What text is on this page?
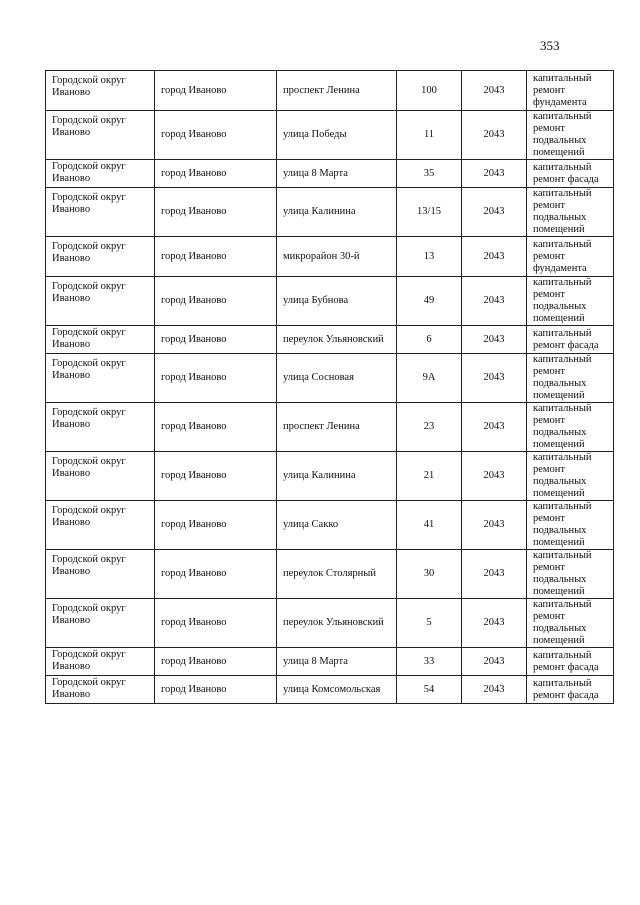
353
Городской округ Иваново	город Иваново	проспект Ленина	100	2043	капитальный ремонт фундамента
Городской округ Иваново	город Иваново	улица Победы	11	2043	капитальный ремонт подвальных помещений
Городской округ Иваново	город Иваново	улица 8 Марта	35	2043	капитальный ремонт фасада
Городской округ Иваново	город Иваново	улица Калинина	13/15	2043	капитальный ремонт подвальных помещений
Городской округ Иваново	город Иваново	микрорайон 30-й	13	2043	капитальный ремонт фундамента
Городской округ Иваново	город Иваново	улица Бубнова	49	2043	капитальный ремонт подвальных помещений
Городской округ Иваново	город Иваново	переулок Ульяновский	6	2043	капитальный ремонт фасада
Городской округ Иваново	город Иваново	улица Сосновая	9А	2043	капитальный ремонт подвальных помещений
Городской округ Иваново	город Иваново	проспект Ленина	23	2043	капитальный ремонт подвальных помещений
Городской округ Иваново	город Иваново	улица Калинина	21	2043	капитальный ремонт подвальных помещений
Городской округ Иваново	город Иваново	улица Сакко	41	2043	капитальный ремонт подвальных помещений
Городской округ Иваново	город Иваново	переулок Столярный	30	2043	капитальный ремонт подвальных помещений
Городской округ Иваново	город Иваново	переулок Ульяновский	5	2043	капитальный ремонт подвальных помещений
Городской округ Иваново	город Иваново	улица 8 Марта	33	2043	капитальный ремонт фасада
Городской округ Иваново	город Иваново	улица Комсомольская	54	2043	капитальный ремонт фасада
